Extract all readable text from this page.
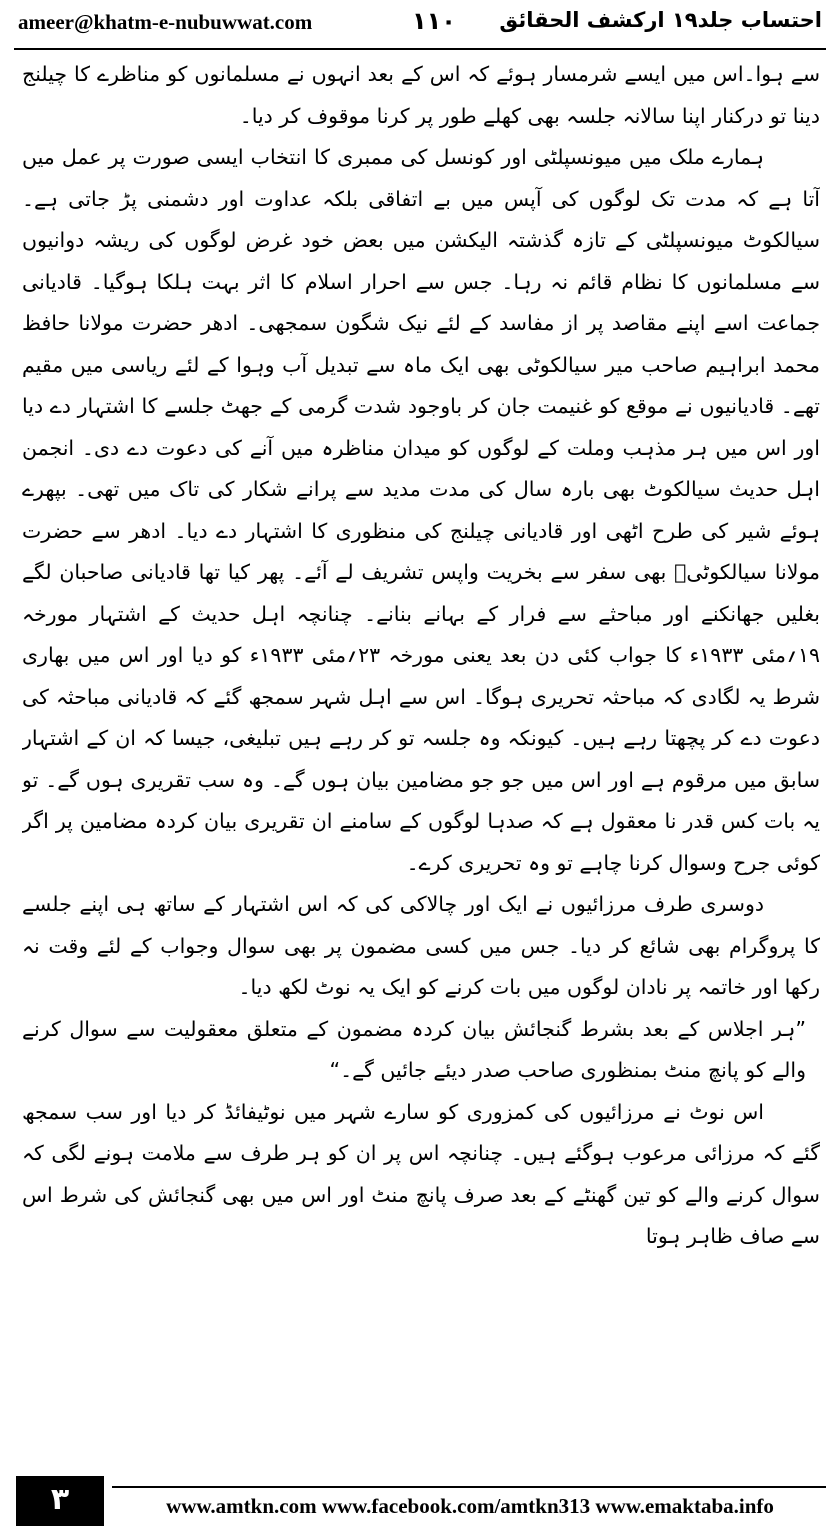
ameer@khatm-e-nubuwwat.com	۱۱۰ احتساب جلد۱۹ ارکشف الحقائق

سے ہوا۔اس میں ایسے شرمسار ہوئے کہ اس کے بعد انہوں نے مسلمانوں کو مناظرے کا چیلنج دینا تو درکنار اپنا سالانہ جلسہ بھی کھلے طور پر کرنا موقوف کر دیا۔

ہمارے ملک میں میونسپلٹی اور کونسل کی ممبری کا انتخاب ایسی صورت پر عمل میں آتا ہے کہ مدت تک لوگوں کی آپس میں بے اتفاقی بلکہ عداوت اور دشمنی پڑ جاتی ہے۔ سیالکوٹ میونسپلٹی کے تازہ گذشتہ الیکشن میں بعض خود غرض لوگوں کی ریشہ دوانیوں سے مسلمانوں کا نظام قائم نہ رہا۔ جس سے احرار اسلام کا اثر بہت ہلکا ہوگیا۔ قادیانی جماعت اسے اپنے مقاصد پر از مفاسد کے لئے نیک شگون سمجھی۔ ادھر حضرت مولانا حافظ محمد ابراہیم صاحب میر سیالکوٹی بھی ایک ماہ سے تبدیل آب وہوا کے لئے ریاسی میں مقیم تھے۔ قادیانیوں نے موقع کو غنیمت جان کر باوجود شدت گرمی کے جھٹ جلسے کا اشتہار دے دیا اور اس میں ہر مذہب وملت کے لوگوں کو میدان مناظرہ میں آنے کی دعوت دے دی۔ انجمن اہل حدیث سیالکوٹ بھی بارہ سال کی مدت مدید سے پرانے شکار کی تاک میں تھی۔ بپھرے ہوئے شیر کی طرح اٹھی اور قادیانی چیلنج کی منظوری کا اشتہار دے دیا۔ ادھر سے حضرت مولانا سیالکوٹیؒ بھی سفر سے بخریت واپس تشریف لے آئے۔ پھر کیا تھا قادیانی صاحبان لگے بغلیں جھانکنے اور مباحثے سے فرار کے بہانے بنانے۔ چنانچہ اہل حدیث کے اشتہار مورخہ ۱۹؍مئی ۱۹۳۳ء کا جواب کئی دن بعد یعنی مورخہ ۲۳؍مئی ۱۹۳۳ء کو دیا اور اس میں بھاری شرط یہ لگادی کہ مباحثہ تحریری ہوگا۔ اس سے اہل شہر سمجھ گئے کہ قادیانی مباحثہ کی دعوت دے کر پچھتا رہے ہیں۔ کیونکہ وہ جلسہ تو کر رہے ہیں تبلیغی، جیسا کہ ان کے اشتہار سابق میں مرقوم ہے اور اس میں جو جو مضامین بیان ہوں گے۔ وہ سب تقریری ہوں گے۔ تو یہ بات کس قدر نا معقول ہے کہ صدہا لوگوں کے سامنے ان تقریری بیان کردہ مضامین پر اگر کوئی جرح وسوال کرنا چاہے تو وہ تحریری کرے۔

دوسری طرف مرزائیوں نے ایک اور چالاکی کی کہ اس اشتہار کے ساتھ ہی اپنے جلسے کا پروگرام بھی شائع کر دیا۔ جس میں کسی مضمون پر بھی سوال وجواب کے لئے وقت نہ رکھا اور خاتمہ پر نادان لوگوں میں بات کرنے کو ایک یہ نوٹ لکھ دیا۔

”ہر اجلاس کے بعد بشرط گنجائش بیان کردہ مضمون کے متعلق معقولیت سے سوال کرنے والے کو پانچ منٹ بمنظوری صاحب صدر دیئے جائیں گے۔“

اس نوٹ نے مرزائیوں کی کمزوری کو سارے شہر میں نوٹیفائڈ کر دیا اور سب سمجھ گئے کہ مرزائی مرعوب ہوگئے ہیں۔ چنانچہ اس پر ان کو ہر طرف سے ملامت ہونے لگی کہ سوال کرنے والے کو تین گھنٹے کے بعد صرف پانچ منٹ اور اس میں بھی گنجائش کی شرط اس سے صاف ظاہر ہوتا

۳	www.amtkn.com www.facebook.com/amtkn313 www.emaktaba.info
